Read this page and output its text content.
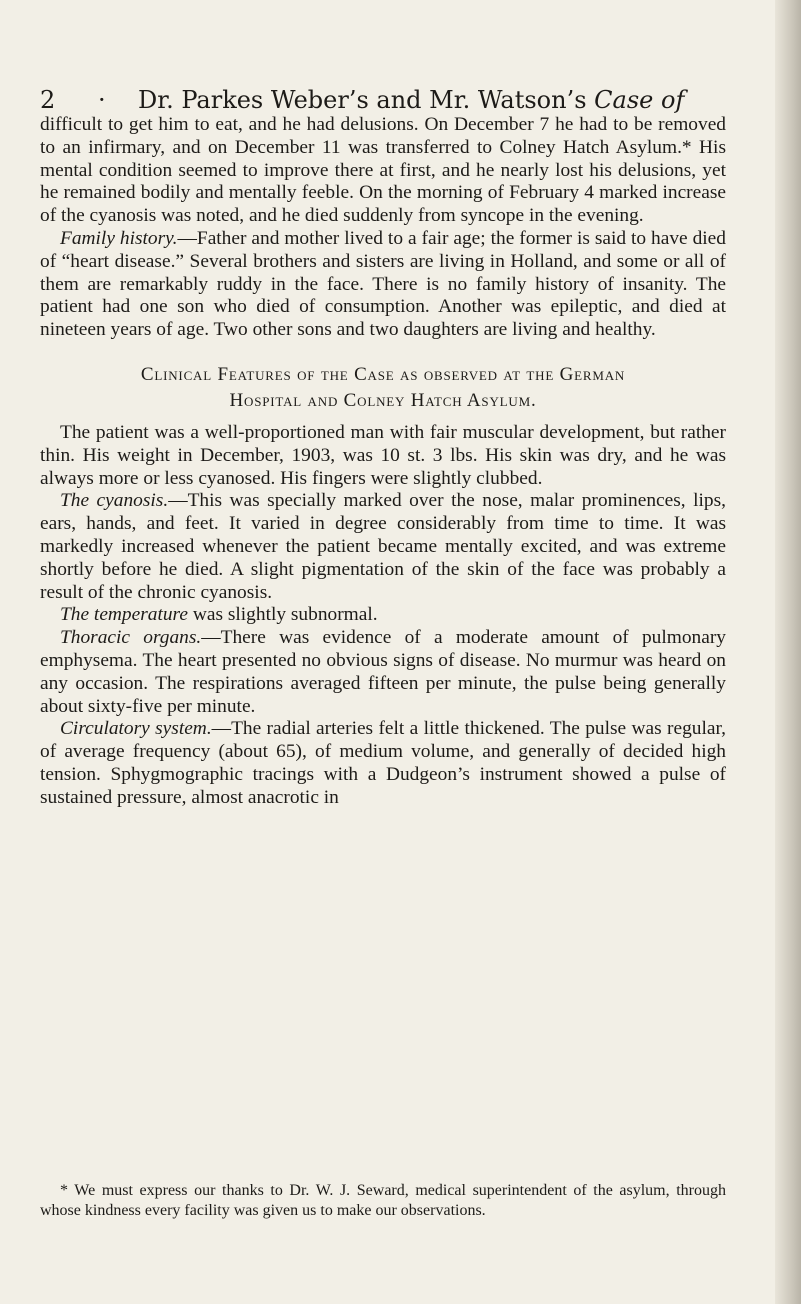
2 · Dr. Parkes Weber’s and Mr. Watson’s Case of

difficult to get him to eat, and he had delusions. On December 7 he had to be removed to an infirmary, and on December 11 was transferred to Colney Hatch Asylum.* His mental condition seemed to improve there at first, and he nearly lost his delusions, yet he remained bodily and mentally feeble. On the morning of February 4 marked increase of the cyanosis was noted, and he died suddenly from syncope in the evening.

Family history.—Father and mother lived to a fair age; the former is said to have died of “heart disease.” Several brothers and sisters are living in Holland, and some or all of them are remarkably ruddy in the face. There is no family history of insanity. The patient had one son who died of consumption. Another was epileptic, and died at nineteen years of age. Two other sons and two daughters are living and healthy.

Clinical Features of the Case as observed at the German
Hospital and Colney Hatch Asylum.

The patient was a well-proportioned man with fair muscular development, but rather thin. His weight in December, 1903, was 10 st. 3 lbs. His skin was dry, and he was always more or less cyanosed. His fingers were slightly clubbed.

The cyanosis.—This was specially marked over the nose, malar prominences, lips, ears, hands, and feet. It varied in degree considerably from time to time. It was markedly increased whenever the patient became mentally excited, and was extreme shortly before he died. A slight pigmentation of the skin of the face was probably a result of the chronic cyanosis.

The temperature was slightly subnormal.

Thoracic organs.—There was evidence of a moderate amount of pulmonary emphysema. The heart presented no obvious signs of disease. No murmur was heard on any occasion. The respirations averaged fifteen per minute, the pulse being generally about sixty-five per minute.

Circulatory system.—The radial arteries felt a little thickened. The pulse was regular, of average frequency (about 65), of medium volume, and generally of decided high tension. Sphygmographic tracings with a Dudgeon’s instrument showed a pulse of sustained pressure, almost anacrotic in

* We must express our thanks to Dr. W. J. Seward, medical superintendent of the asylum, through whose kindness every facility was given us to make our observations.
